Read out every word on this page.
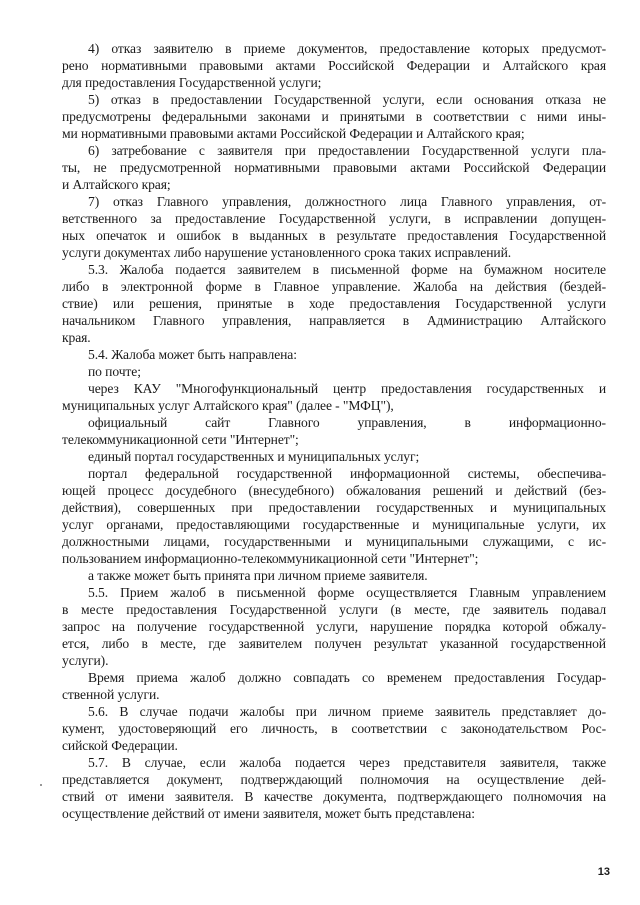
4) отказ заявителю в приеме документов, предоставление которых предусмот-
рено нормативными правовыми актами Российской Федерации и Алтайского края
для предоставления Государственной услуги;
5) отказ в предоставлении Государственной услуги, если основания отказа не
предусмотрены федеральными законами и принятыми в соответствии с ними ины-
ми нормативными правовыми актами Российской Федерации и Алтайского края;
6) затребование с заявителя при предоставлении Государственной услуги пла-
ты, не предусмотренной нормативными правовыми актами Российской Федерации
и Алтайского края;
7) отказ Главного управления, должностного лица Главного управления, от-
ветственного за предоставление Государственной услуги, в исправлении допущен-
ных опечаток и ошибок в выданных в результате предоставления Государственной
услуги документах либо нарушение установленного срока таких исправлений.
5.3. Жалоба подается заявителем в письменной форме на бумажном носителе
либо в электронной форме в Главное управление. Жалоба на действия (бездей-
ствие) или решения, принятые в ходе предоставления Государственной услуги
начальником Главного управления, направляется в Администрацию Алтайского
края.
5.4. Жалоба может быть направлена:
по почте;
через КАУ "Многофункциональный центр предоставления государственных и
муниципальных услуг Алтайского края" (далее - "МФЦ"),
официальный	сайт	Главного	управления,	в	информационно-
телекоммуникационной сети "Интернет";
единый портал государственных и муниципальных услуг;
портал федеральной государственной информационной системы, обеспечива-
ющей процесс досудебного (внесудебного) обжалования решений и действий (без-
действия), совершенных при предоставлении государственных и муниципальных
услуг органами, предоставляющими государственные и муниципальные услуги, их
должностными лицами, государственными и муниципальными служащими, с ис-
пользованием информационно-телекоммуникационной сети "Интернет";
а также может быть принята при личном приеме заявителя.
5.5. Прием жалоб в письменной форме осуществляется Главным управлением
в месте предоставления Государственной услуги (в месте, где заявитель подавал
запрос на получение государственной услуги, нарушение порядка которой обжалу-
ется, либо в месте, где заявителем получен результат указанной государственной
услуги).
Время приема жалоб должно совпадать со временем предоставления Государ-
ственной услуги.
5.6. В случае подачи жалобы при личном приеме заявитель представляет до-
кумент, удостоверяющий его личность, в соответствии с законодательством Рос-
сийской Федерации.
5.7. В случае, если жалоба подается через представителя заявителя, также
представляется документ, подтверждающий полномочия на осуществление дей-
ствий от имени заявителя. В качестве документа, подтверждающего полномочия на
осуществление действий от имени заявителя, может быть представлена:
13
